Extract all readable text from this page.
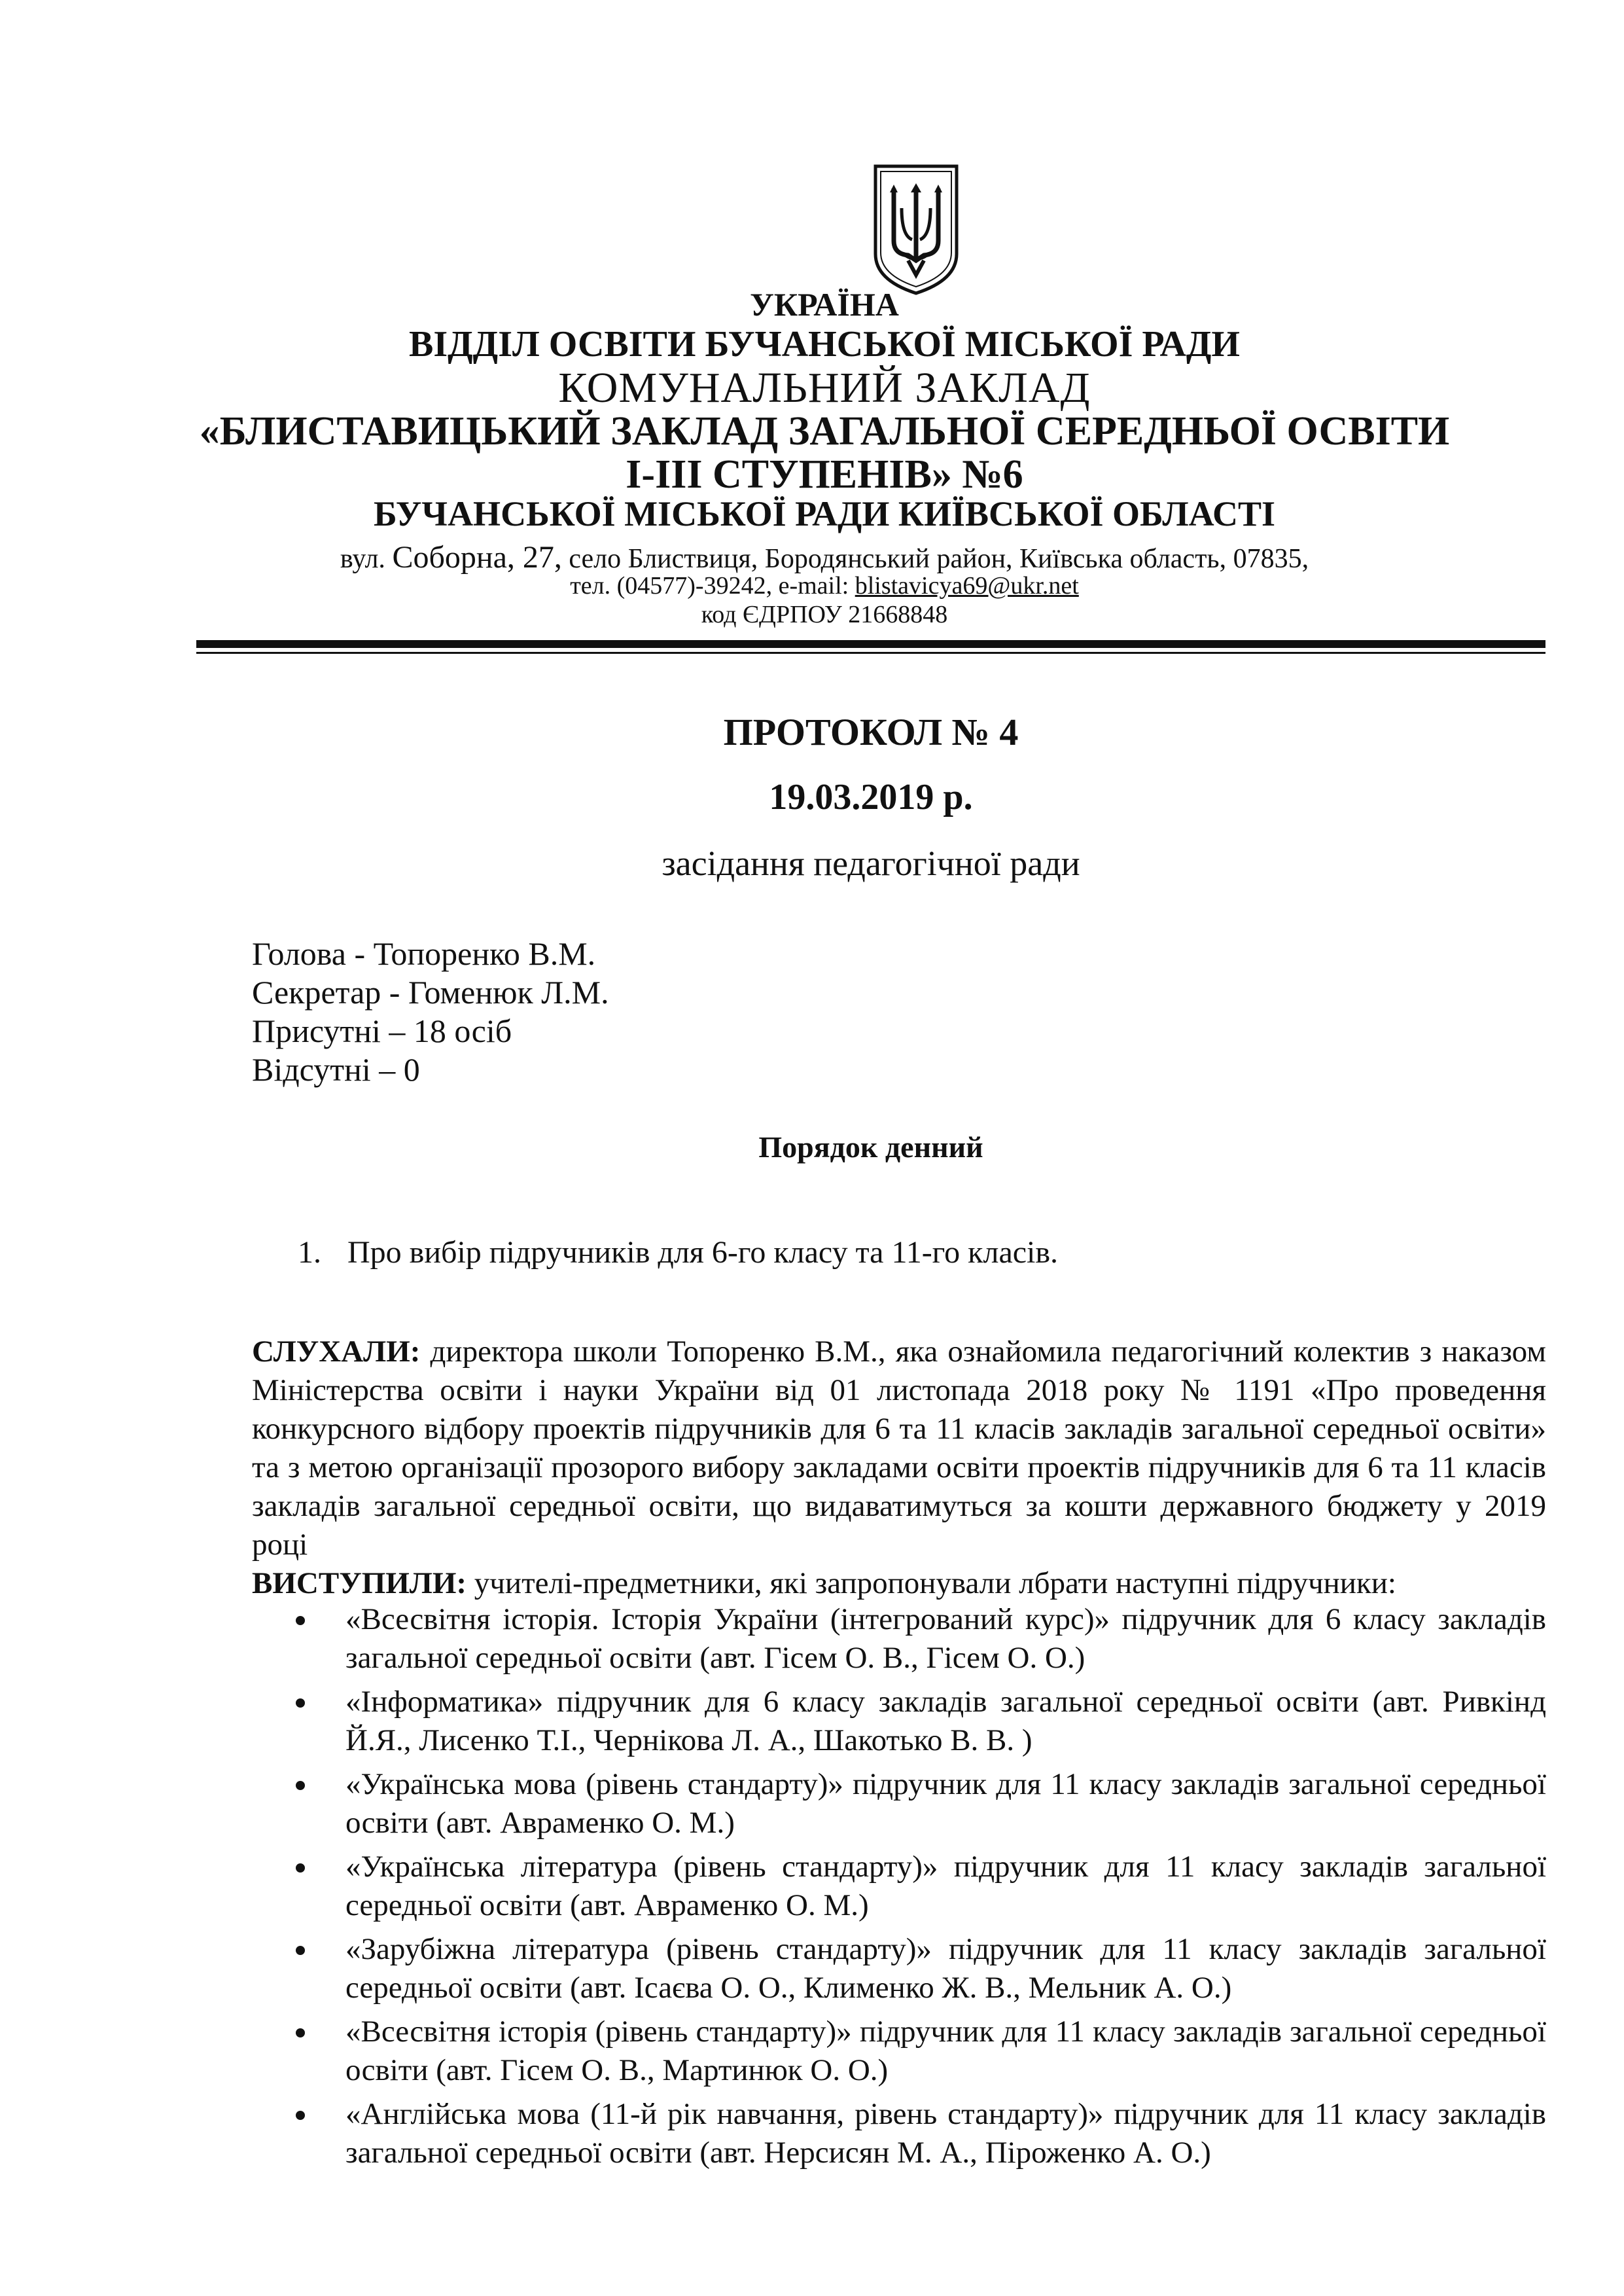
УКРАЇНА
ВІДДІЛ ОСВІТИ БУЧАНСЬКОЇ МІСЬКОЇ РАДИ
КОМУНАЛЬНИЙ ЗАКЛАД
«БЛИСТАВИЦЬКИЙ ЗАКЛАД ЗАГАЛЬНОЇ СЕРЕДНЬОЇ ОСВІТИ
І-ІІІ СТУПЕНІВ» №6
БУЧАНСЬКОЇ МІСЬКОЇ РАДИ КИЇВСЬКОЇ ОБЛАСТІ
вул. Соборна, 27, село Блиствиця, Бородянський район, Київська область, 07835,
тел. (04577)-39242, e-mail: blistavicya69@ukr.net
код ЄДРПОУ 21668848
ПРОТОКОЛ № 4
19.03.2019 р.
засідання педагогічної ради
Голова - Топоренко В.М.
Секретар - Гоменюк Л.М.
Присутні – 18 осіб
Відсутні – 0
Порядок денний
1. Про вибір підручників для 6-го класу та 11-го класів.
СЛУХАЛИ: директора школи Топоренко В.М., яка ознайомила педагогічний колектив з наказом Міністерства освіти і науки України від 01 листопада 2018 року № 1191 «Про проведення конкурсного відбору проектів підручників для 6 та 11 класів закладів загальної середньої освіти» та з метою організації прозорого вибору закладами освіти проектів підручників для 6 та 11 класів закладів загальної середньої освіти, що видаватимуться за кошти державного бюджету у 2019 році
ВИСТУПИЛИ: учителі-предметники, які запропонували лбрати наступні підручники:
«Всесвітня історія. Історія України (інтегрований курс)» підручник для 6 класу закладів загальної середньої освіти (авт. Гісем О. В., Гісем О. О.)
«Інформатика» підручник для 6 класу закладів загальної середньої освіти (авт. Ривкінд Й.Я., Лисенко Т.І., Чернікова Л. А., Шакотько В. В. )
«Українська мова (рівень стандарту)» підручник для 11 класу закладів загальної середньої освіти (авт. Авраменко О. М.)
«Українська література (рівень стандарту)» підручник для 11 класу закладів загальної середньої освіти (авт. Авраменко О. М.)
«Зарубіжна література (рівень стандарту)» підручник для 11 класу закладів загальної середньої освіти (авт. Ісаєва О. О., Клименко Ж. В., Мельник А. О.)
«Всесвітня історія (рівень стандарту)» підручник для 11 класу закладів загальної середньої освіти (авт. Гісем О. В., Мартинюк О. О.)
«Англійська мова (11-й рік навчання, рівень стандарту)» підручник для 11 класу закладів загальної середньої освіти (авт. Нерсисян М. А., Піроженко А. О.)
